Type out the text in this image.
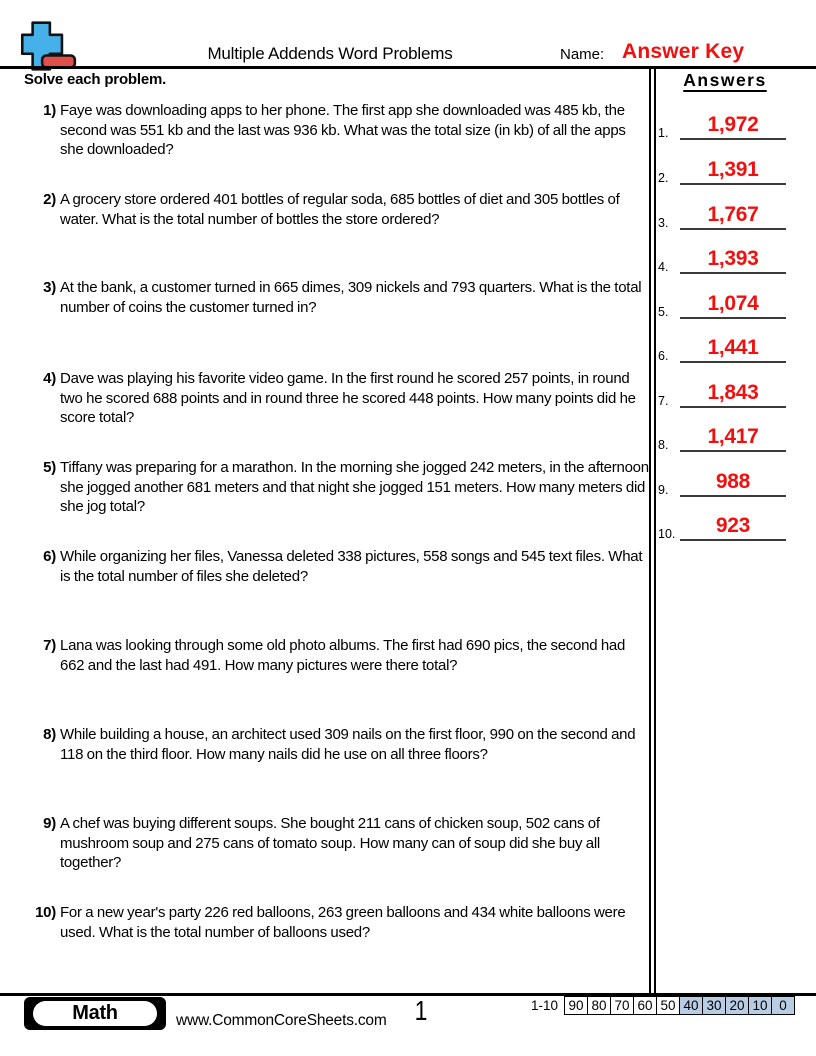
Multiple Addends Word Problems	Name: Answer Key
Solve each problem.
1) Faye was downloading apps to her phone. The first app she downloaded was 485 kb, the second was 551 kb and the last was 936 kb. What was the total size (in kb) of all the apps she downloaded?
2) A grocery store ordered 401 bottles of regular soda, 685 bottles of diet and 305 bottles of water. What is the total number of bottles the store ordered?
3) At the bank, a customer turned in 665 dimes, 309 nickels and 793 quarters. What is the total number of coins the customer turned in?
4) Dave was playing his favorite video game. In the first round he scored 257 points, in round two he scored 688 points and in round three he scored 448 points. How many points did he score total?
5) Tiffany was preparing for a marathon. In the morning she jogged 242 meters, in the afternoon she jogged another 681 meters and that night she jogged 151 meters. How many meters did she jog total?
6) While organizing her files, Vanessa deleted 338 pictures, 558 songs and 545 text files. What is the total number of files she deleted?
7) Lana was looking through some old photo albums. The first had 690 pics, the second had 662 and the last had 491. How many pictures were there total?
8) While building a house, an architect used 309 nails on the first floor, 990 on the second and 118 on the third floor. How many nails did he use on all three floors?
9) A chef was buying different soups. She bought 211 cans of chicken soup, 502 cans of mushroom soup and 275 cans of tomato soup. How many can of soup did she buy all together?
10) For a new year's party 226 red balloons, 263 green balloons and 434 white balloons were used. What is the total number of balloons used?
Answers
1.	1,972
2.	1,391
3.	1,767
4.	1,393
5.	1,074
6.	1,441
7.	1,843
8.	1,417
9.	988
10.	923
Math	www.CommonCoreSheets.com	1	1-10 90 80 70 60 50 40 30 20 10 0
